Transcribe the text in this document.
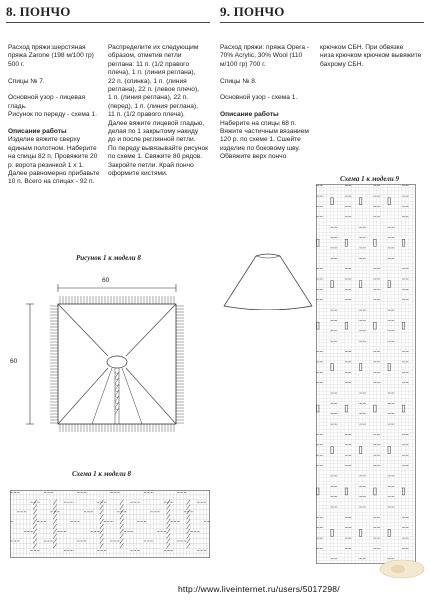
8. ПОНЧО
Расход пряжи:шерстяная
пряжа Zarone (198 м/100 гр)
500 г.
Спицы № 7.
Основной узор - лицевая
гладь.
Рисунок по переду - схема 1.
Описание работы
Изделие вяжите сверху
единым полотном. Наберите
на спицы 82 п. Провяжите 20
р. ворота резинкой 1 х 1.
Далее равномерно прибавьте
10 п. Всего на спицах - 92 п.
Распределите их следующим
образом, отметив петли
реглана: 11 п. (1/2 правого
плеча), 1 п. (линия реглана),
22 п. (спинка), 1 п. (линия
реглана), 22 п. (левое плечо),
1 п. (линия реглана), 22 п.
(перед), 1 п. (линия реглана),
11 п. (1/2 правого плеча).
Далее вяжите лицевой гладью,
делая по 1 закрытому накиду
до и после реглянной петли.
По переду вывязывайте рисунок
по схеме 1. Свяжите 80 рядов.
Закройте петли. Край пончо
оформите кистями.
Рисунок 1 к модели 8
60
60
Схема 1 к модели 8
9. ПОНЧО
Расход пряжи: пряжа Opera -
70% Acrylic, 30% Wool (110
м/100 гр) 700 г.
Спицы № 8.
Основной узор - схема 1.
Описание работы
Наберите на спицы 68 п.
Вяжите частичным вязанием
120 р. по схеме 1. Сшейте
изделие по боковому шву.
Обвяжите верх пончо
крючком СБН. При обвязке
низа крючком крючком вывяжите
бахрому СБН.
Схема 1 к модели 9
http://www.liveinternet.ru/users/5017298/
